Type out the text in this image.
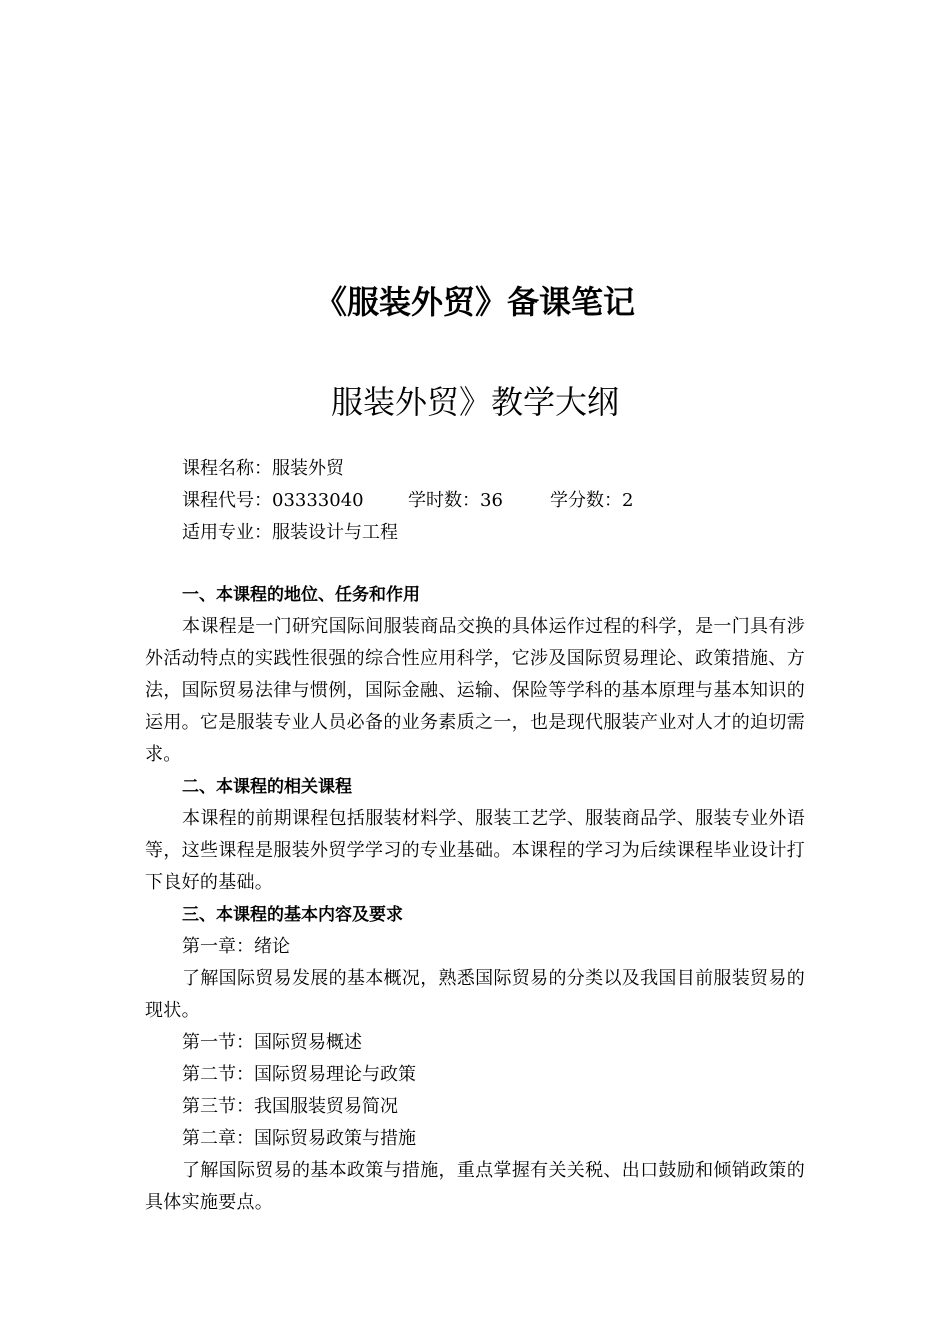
《服装外贸》备课笔记
服装外贸》教学大纲
课程名称：服装外贸
课程代号：03333040	学时数：36	学分数：2
适用专业：服装设计与工程
一、本课程的地位、任务和作用

本课程是一门研究国际间服装商品交换的具体运作过程的科学，是一门具有涉外活动特点的实践性很强的综合性应用科学，它涉及国际贸易理论、政策措施、方法，国际贸易法律与惯例，国际金融、运输、保险等学科的基本原理与基本知识的运用。它是服装专业人员必备的业务素质之一，也是现代服装产业对人才的迫切需求。

二、本课程的相关课程

本课程的前期课程包括服装材料学、服装工艺学、服装商品学、服装专业外语等，这些课程是服装外贸学学习的专业基础。本课程的学习为后续课程毕业设计打下良好的基础。

三、本课程的基本内容及要求
第一章：绪论

了解国际贸易发展的基本概况，熟悉国际贸易的分类以及我国目前服装贸易的现状。

第一节：国际贸易概述
第二节：国际贸易理论与政策
第三节：我国服装贸易简况
第二章：国际贸易政策与措施

了解国际贸易的基本政策与措施，重点掌握有关关税、出口鼓励和倾销政策的具体实施要点。
